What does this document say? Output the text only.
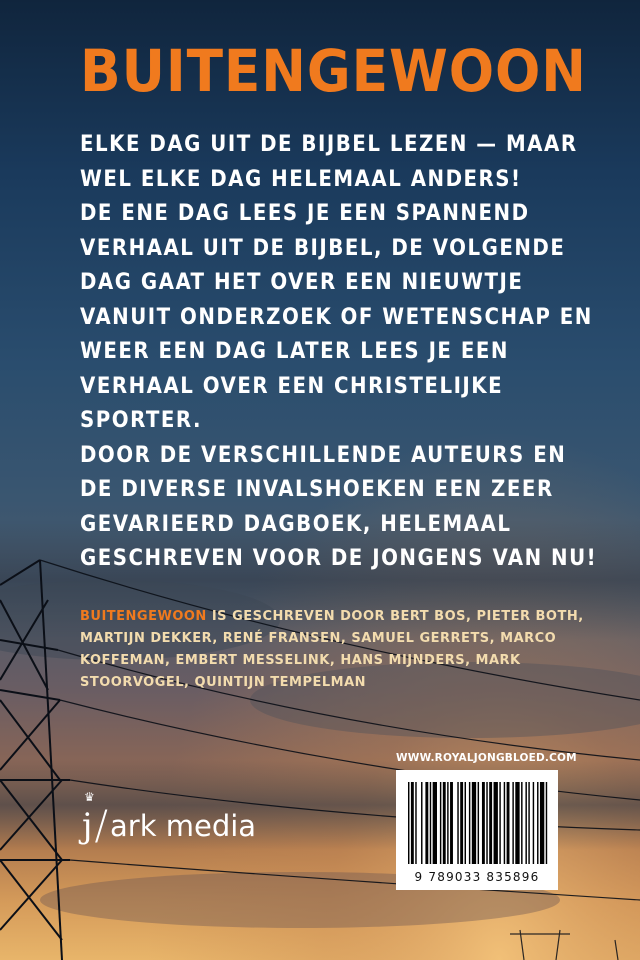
BUITENGEWOON

ELKE DAG UIT DE BIJBEL LEZEN — MAAR WEL ELKE DAG HELEMAAL ANDERS!

DE ENE DAG LEES JE EEN SPANNEND VERHAAL UIT DE BIJBEL, DE VOLGENDE DAG GAAT HET OVER EEN NIEUWTJE VANUIT ONDERZOEK OF WETENSCHAP EN WEER EEN DAG LATER LEES JE EEN VERHAAL OVER EEN CHRISTELIJKE SPORTER.

DOOR DE VERSCHILLENDE AUTEURS EN DE DIVERSE INVALSHOEKEN EEN ZEER GEVARIEERD DAGBOEK, HELEMAAL GESCHREVEN VOOR DE JONGENS VAN NU!

BUITENGEWOON IS GESCHREVEN DOOR BERT BOS, PIETER BOTH, MARTIJN DEKKER, RENÉ FRANSEN, SAMUEL GERRETS, MARCO KOFFEMAN, EMBERT MESSELINK, HANS MIJNDERS, MARK STOORVOGEL, QUINTIJN TEMPELMAN
♛
j / ark media
WWW.ROYALJONGBLOED.COM
9 789033 835896
